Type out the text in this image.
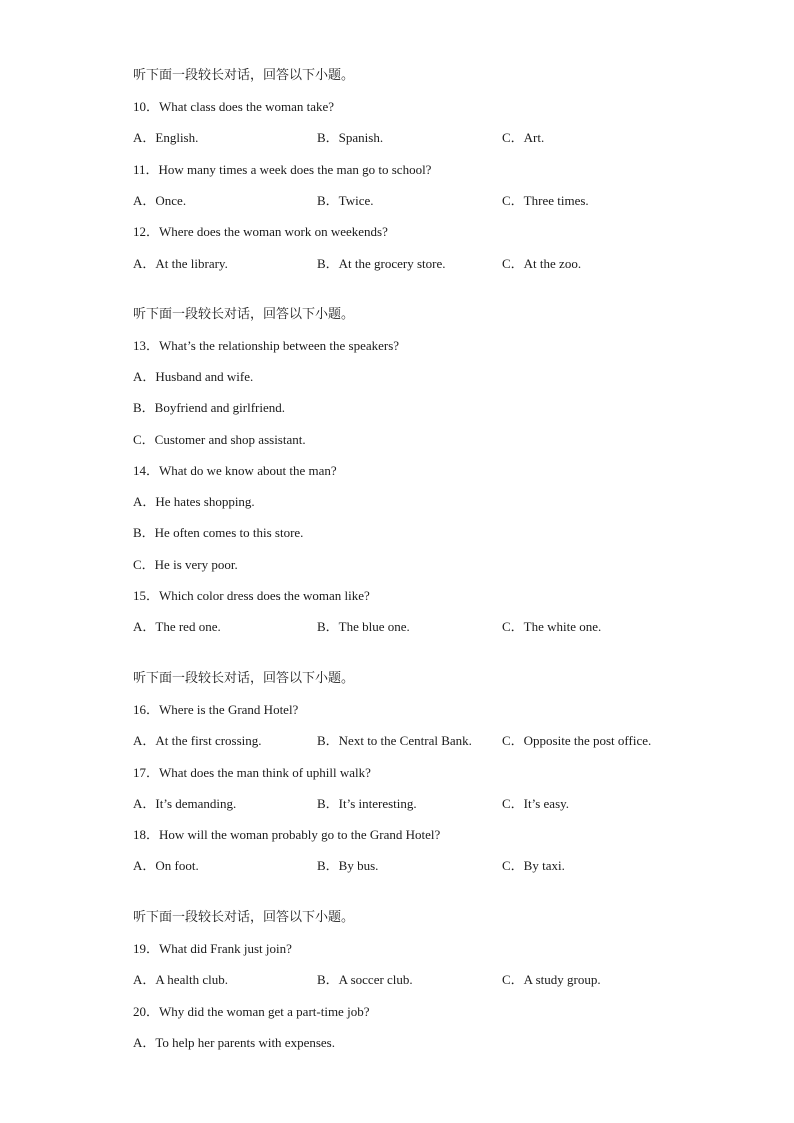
听下面一段较长对话，回答以下小题。
10．What class does the woman take?
A．English.	B．Spanish.	C．Art.
11．How many times a week does the man go to school?
A．Once.	B．Twice.	C．Three times.
12．Where does the woman work on weekends?
A．At the library.	B．At the grocery store.	C．At the zoo.
听下面一段较长对话，回答以下小题。
13．What’s the relationship between the speakers?
A．Husband and wife.
B．Boyfriend and girlfriend.
C．Customer and shop assistant.
14．What do we know about the man?
A．He hates shopping.
B．He often comes to this store.
C．He is very poor.
15．Which color dress does the woman like?
A．The red one.	B．The blue one.	C．The white one.
听下面一段较长对话，回答以下小题。
16．Where is the Grand Hotel?
A．At the first crossing.	B．Next to the Central Bank. C．Opposite the post office.
17．What does the man think of uphill walk?
A．It’s demanding.	B．It’s interesting.	C．It’s easy.
18．How will the woman probably go to the Grand Hotel?
A．On foot.	B．By bus.	C．By taxi.
听下面一段较长对话，回答以下小题。
19．What did Frank just join?
A．A health club.	B．A soccer club.	C．A study group.
20．Why did the woman get a part-time job?
A．To help her parents with expenses.
